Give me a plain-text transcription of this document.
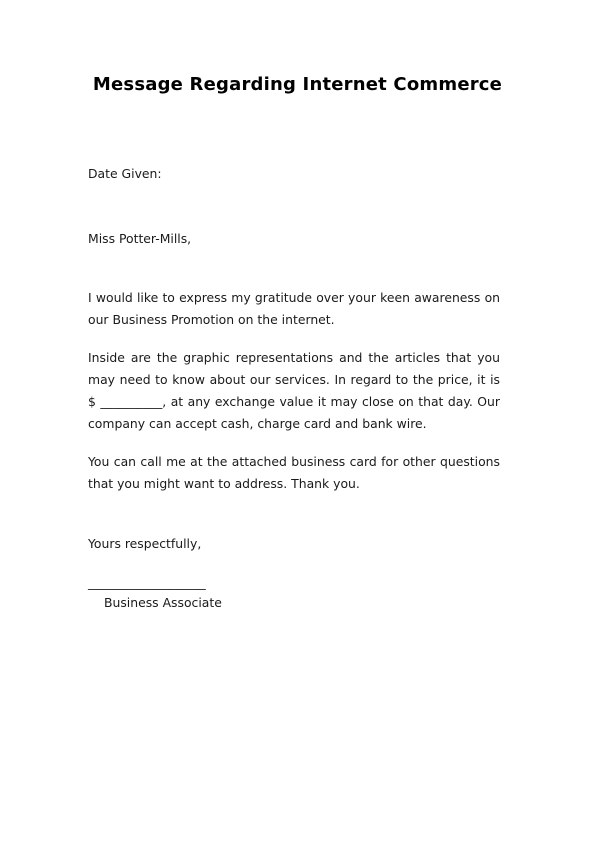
Message Regarding Internet Commerce

Date Given:

Miss Potter-Mills,

I would like to express my gratitude over your keen awareness on our Business Promotion on the internet.

Inside are the graphic representations and the articles that you may need to know about our services. In regard to the price, it is $ __________, at any exchange value it may close on that day. Our company can accept cash, charge card and bank wire.

You can call me at the attached business card for other questions that you might want to address. Thank you.

Yours respectfully,

___________________

Business Associate
